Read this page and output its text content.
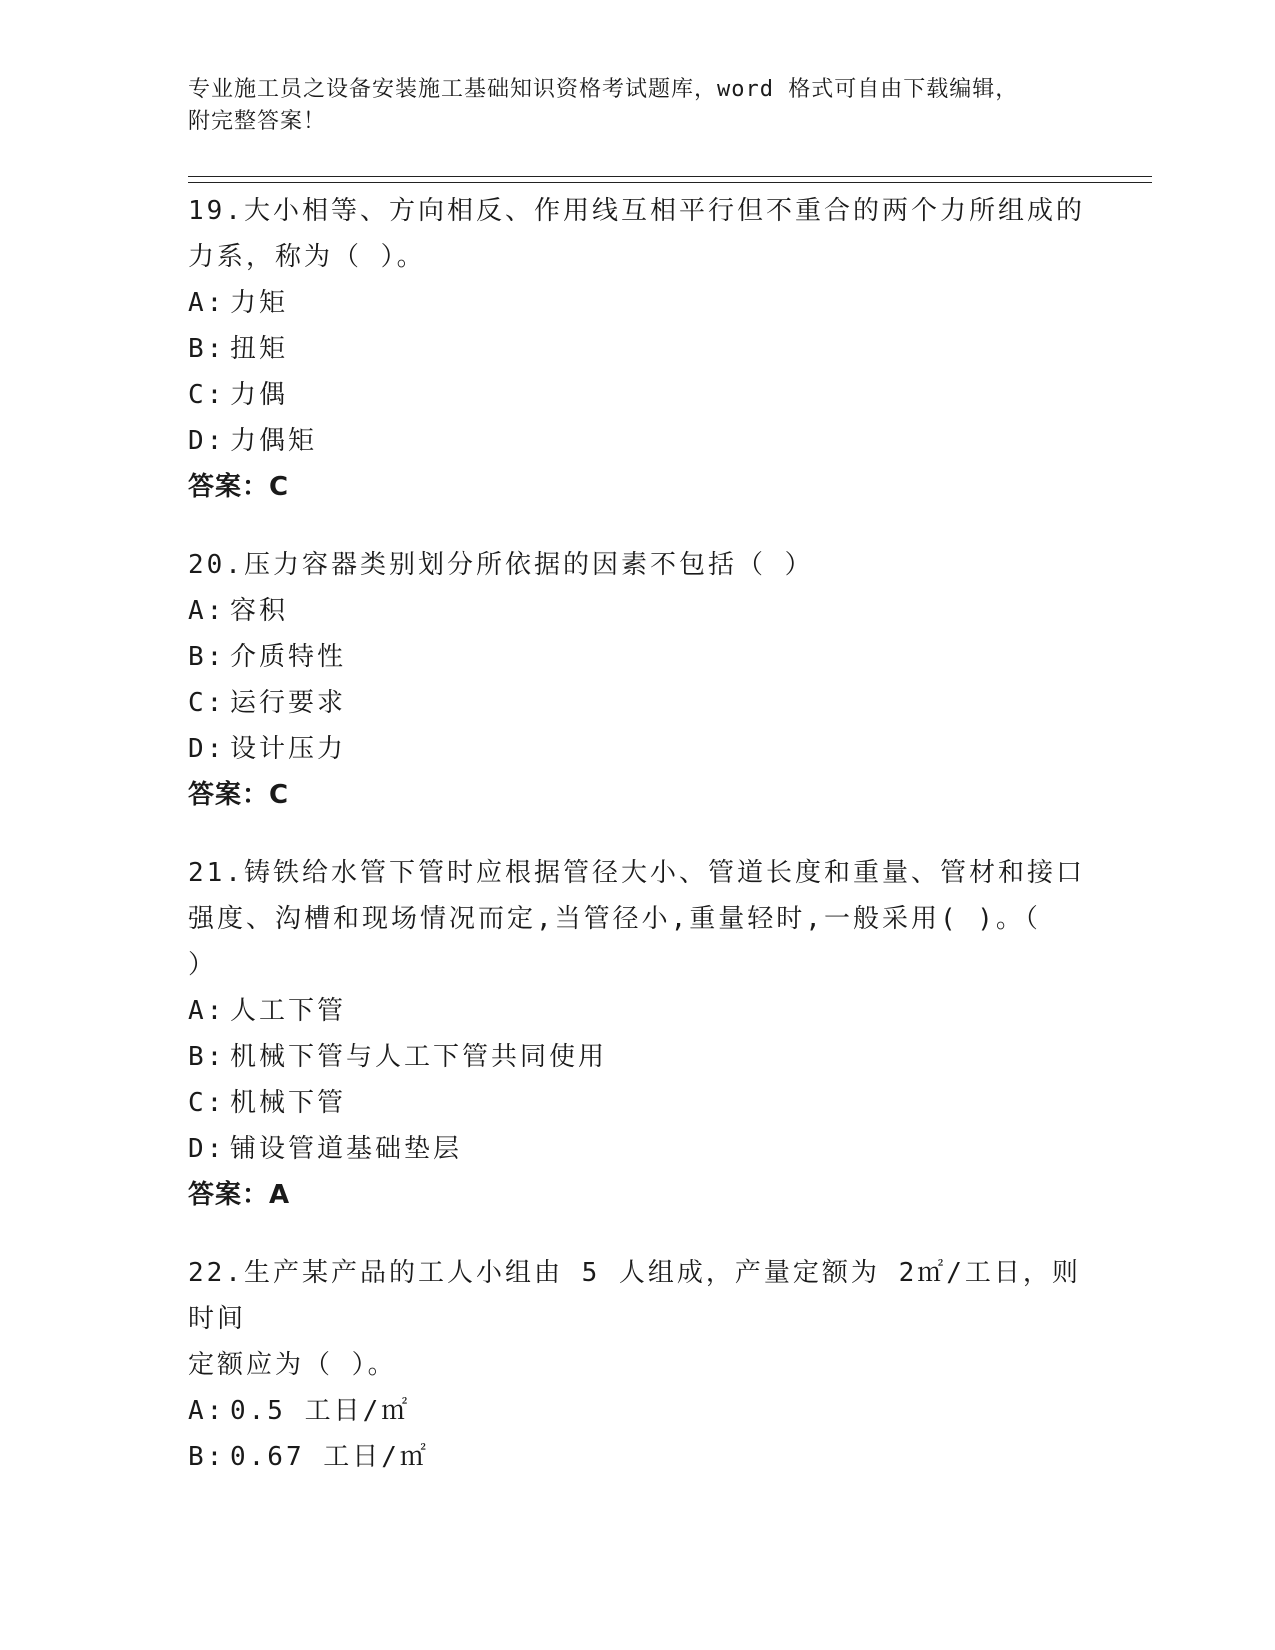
专业施工员之设备安装施工基础知识资格考试题库，word 格式可自由下载编辑，
附完整答案！
19.大小相等、方向相反、作用线互相平行但不重合的两个力所组成的
力系，称为（ ）。
A: 力矩
B: 扭矩
C: 力偶
D: 力偶矩
答案：C
20.压力容器类别划分所依据的因素不包括（ ）
A: 容积
B: 介质特性
C: 运行要求
D: 设计压力
答案：C
21.铸铁给水管下管时应根据管径大小、管道长度和重量、管材和接口
强度、沟槽和现场情况而定,当管径小,重量轻时,一般采用( )。（
）
A: 人工下管
B: 机械下管与人工下管共同使用
C: 机械下管
D: 铺设管道基础垫层
答案：A
22.生产某产品的工人小组由 5 人组成，产量定额为 2㎡/工日，则时间
定额应为（ ）。
A: 0.5 工日/㎡
B: 0.67 工日/㎡
